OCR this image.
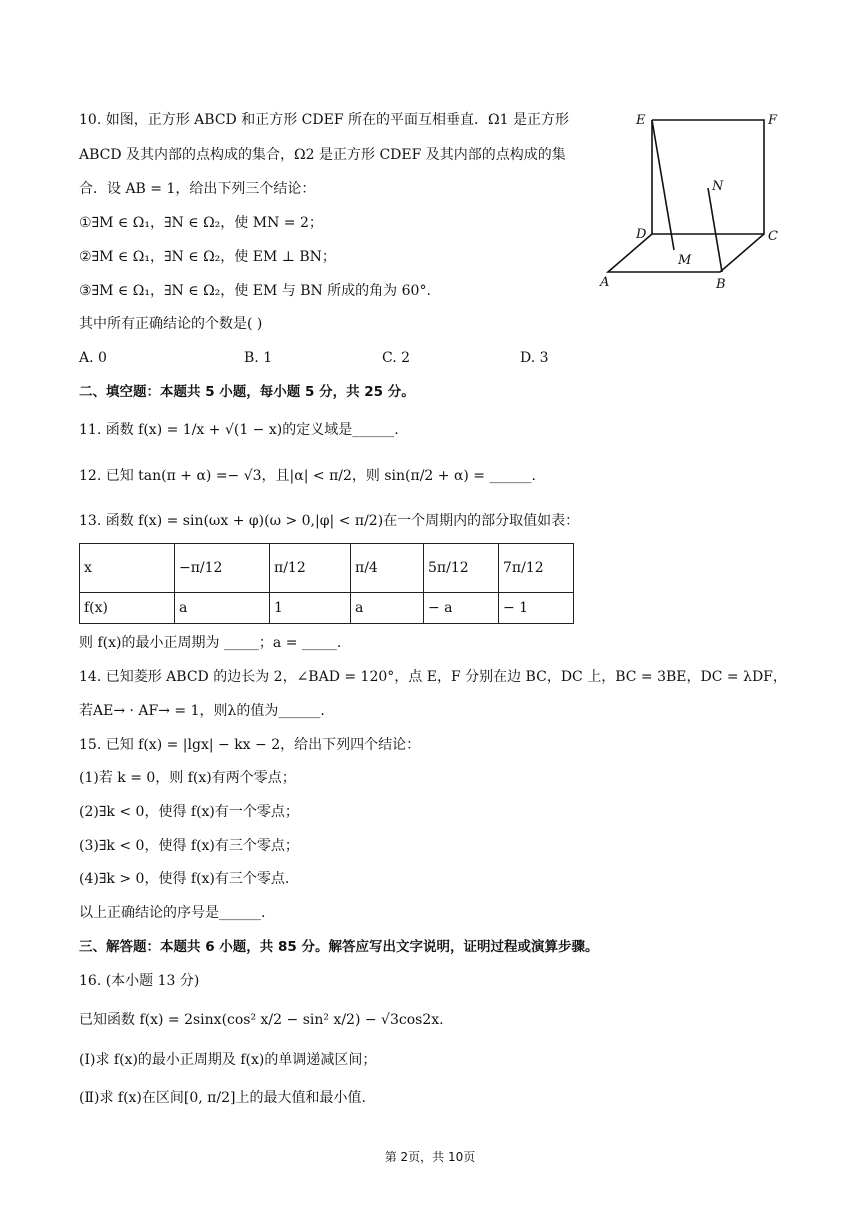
10. 如图，正方形 ABCD 和正方形 CDEF 所在的平面互相垂直．Ω1 是正方形
ABCD 及其内部的点构成的集合，Ω2 是正方形 CDEF 及其内部的点构成的集
合．设 AB = 1，给出下列三个结论：
①∃M ∈ Ω₁，∃N ∈ Ω₂，使 MN = 2；
②∃M ∈ Ω₁，∃N ∈ Ω₂，使 EM ⊥ BN；
③∃M ∈ Ω₁，∃N ∈ Ω₂，使 EM 与 BN 所成的角为 60°.
其中所有正确结论的个数是( )
A. 0	B. 1	C. 2	D. 3
E	F
N
D	C
M
A	B
二、填空题：本题共 5 小题，每小题 5 分，共 25 分。
11. 函数 f(x) = 1/x + √(1 − x)的定义域是______.
12. 已知 tan(π + α) =− √3，且|α| < π/2，则 sin(π/2 + α) = ______.
13. 函数 f(x) = sin(ωx + φ)(ω > 0,|φ| < π/2)在一个周期内的部分取值如表：
x	−π/12	π/12	π/4	5π/12	7π/12
f(x)	a	1	a	− a	− 1
则 f(x)的最小正周期为 _____；a = _____.
14. 已知菱形 ABCD 的边长为 2，∠BAD = 120°，点 E，F 分别在边 BC，DC 上，BC = 3BE，DC = λDF，
若AE→ · AF→ = 1，则λ的值为______.
15. 已知 f(x) = |lgx| − kx − 2，给出下列四个结论：
(1)若 k = 0，则 f(x)有两个零点；
(2)∃k < 0，使得 f(x)有一个零点；
(3)∃k < 0，使得 f(x)有三个零点；
(4)∃k > 0，使得 f(x)有三个零点.
以上正确结论的序号是______.
三、解答题：本题共 6 小题，共 85 分。解答应写出文字说明，证明过程或演算步骤。
16. (本小题 13 分)
已知函数 f(x) = 2sinx(cos² x/2 − sin² x/2) − √3cos2x.
(Ⅰ)求 f(x)的最小正周期及 f(x)的单调递减区间；
(Ⅱ)求 f(x)在区间[0, π/2]上的最大值和最小值.
第 2页，共 10页
